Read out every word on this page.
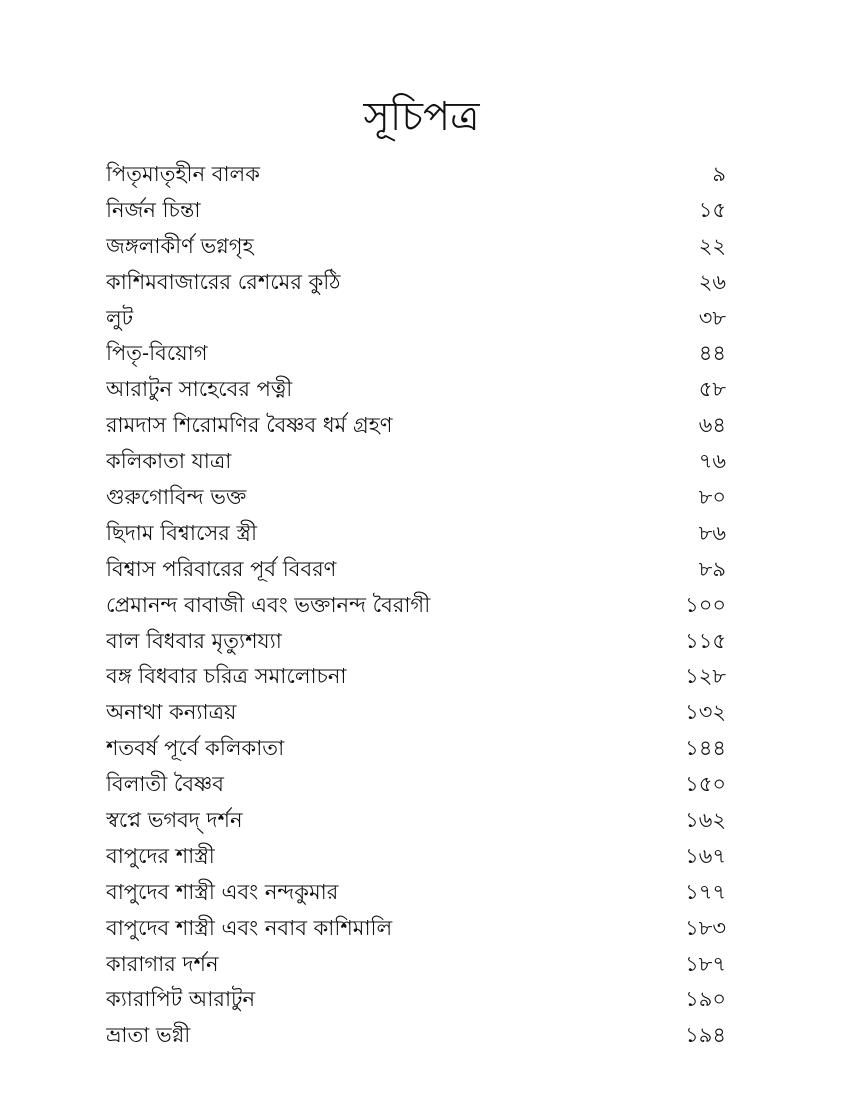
সূচিপত্র
পিতৃমাতৃহীন বালক	৯
নির্জন চিন্তা	১৫
জঙ্গলাকীর্ণ ভগ্নগৃহ	২২
কাশিমবাজারের রেশমের কুঠি	২৬
লুট	৩৮
পিতৃ-বিয়োগ	৪৪
আরাটুন সাহেবের পত্নী	৫৮
রামদাস শিরোমণির বৈষ্ণব ধর্ম গ্রহণ	৬৪
কলিকাতা যাত্রা	৭৬
গুরুগোবিন্দ ভক্ত	৮০
ছিদাম বিশ্বাসের স্ত্রী	৮৬
বিশ্বাস পরিবারের পূর্ব বিবরণ	৮৯
প্রেমানন্দ বাবাজী এবং ভক্তানন্দ বৈরাগী	১০০
বাল বিধবার মৃত্যুশয্যা	১১৫
বঙ্গ বিধবার চরিত্র সমালোচনা	১২৮
অনাথা কন্যাত্রয়	১৩২
শতবর্ষ পূর্বে কলিকাতা	১৪৪
বিলাতী বৈষ্ণব	১৫০
স্বপ্নে ভগবদ্ দর্শন	১৬২
বাপুদের শাস্ত্রী	১৬৭
বাপুদেব শাস্ত্রী এবং নন্দকুমার	১৭৭
বাপুদেব শাস্ত্রী এবং নবাব কাশিমালি	১৮৩
কারাগার দর্শন	১৮৭
ক্যারাপিট আরাটুন	১৯০
ভ্রাতা ভগ্নী	১৯৪
